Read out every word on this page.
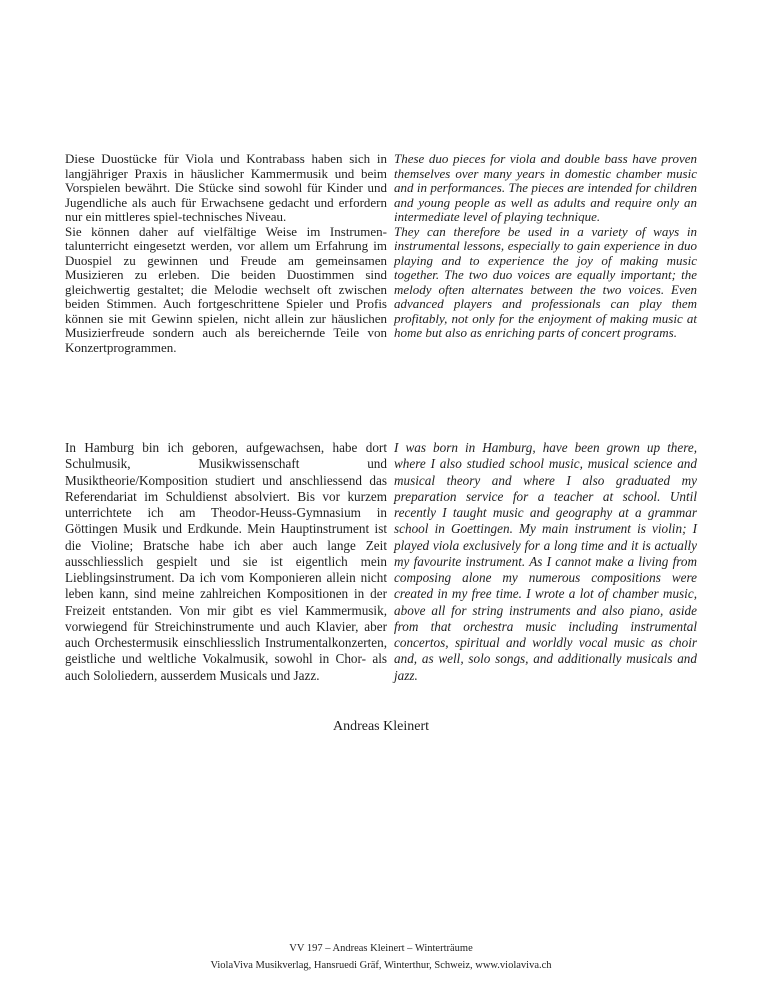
Diese Duostücke für Viola und Kontrabass haben sich in langjähriger Praxis in häuslicher Kammermusik und beim Vorspielen bewährt. Die Stücke sind sowohl für Kinder und Jugendliche als auch für Erwachsene gedacht und erfordern nur ein mittleres spiel-technisches Niveau.

Sie können daher auf vielfältige Weise im Instrumentalunterricht eingesetzt werden, vor allem um Erfahrung im Duospiel zu gewinnen und Freude am gemeinsamen Musizieren zu erleben. Die beiden Duostimmen sind gleichwertig gestaltet; die Melodie wechselt oft zwischen beiden Stimmen. Auch fortgeschrittene Spieler und Profis können sie mit Gewinn spielen, nicht allein zur häuslichen Musizierfreude sondern auch als bereichernde Teile von Konzertprogrammen.

These duo pieces for viola and double bass have proven themselves over many years in domestic chamber music and in performances. The pieces are intended for children and young people as well as adults and require only an intermediate level of playing technique.

They can therefore be used in a variety of ways in instrumental lessons, especially to gain experience in duo playing and to experience the joy of making music together. The two duo voices are equally important; the melody often alternates between the two voices. Even advanced players and professionals can play them profitably, not only for the enjoyment of making music at home but also as enriching parts of concert programs.

In Hamburg bin ich geboren, aufgewachsen, habe dort Schulmusik, Musikwissenschaft und Musiktheorie/Komposition studiert und anschliessend das Referendariat im Schuldienst absolviert. Bis vor kurzem unterrichtete ich am Theodor-Heuss-Gymnasium in Göttingen Musik und Erdkunde. Mein Hauptinstrument ist die Violine; Bratsche habe ich aber auch lange Zeit ausschliesslich gespielt und sie ist eigentlich mein Lieblingsinstrument. Da ich vom Komponieren allein nicht leben kann, sind meine zahlreichen Kompositionen in der Freizeit entstanden. Von mir gibt es viel Kammermusik, vorwiegend für Streichinstrumente und auch Klavier, aber auch Orchestermusik einschliesslich Instrumentalkonzerten, geistliche und weltliche Vokalmusik, sowohl in Chor- als auch Sololiedern, ausserdem Musicals und Jazz.

I was born in Hamburg, have been grown up there, where I also studied school music, musical science and musical theory and where I also graduated my preparation service for a teacher at school. Until recently I taught music and geography at a grammar school in Goettingen. My main instrument is violin; I played viola exclusively for a long time and it is actually my favourite instrument. As I cannot make a living from composing alone my numerous compositions were created in my free time. I wrote a lot of chamber music, above all for string instruments and also piano, aside from that orchestra music including instrumental concertos, spiritual and worldly vocal music as choir and, as well, solo songs, and additionally musicals and jazz.

Andreas Kleinert
VV 197 – Andreas Kleinert – Winterträume
ViolaViva Musikverlag, Hansruedi Gräf, Winterthur, Schweiz, www.violaviva.ch
